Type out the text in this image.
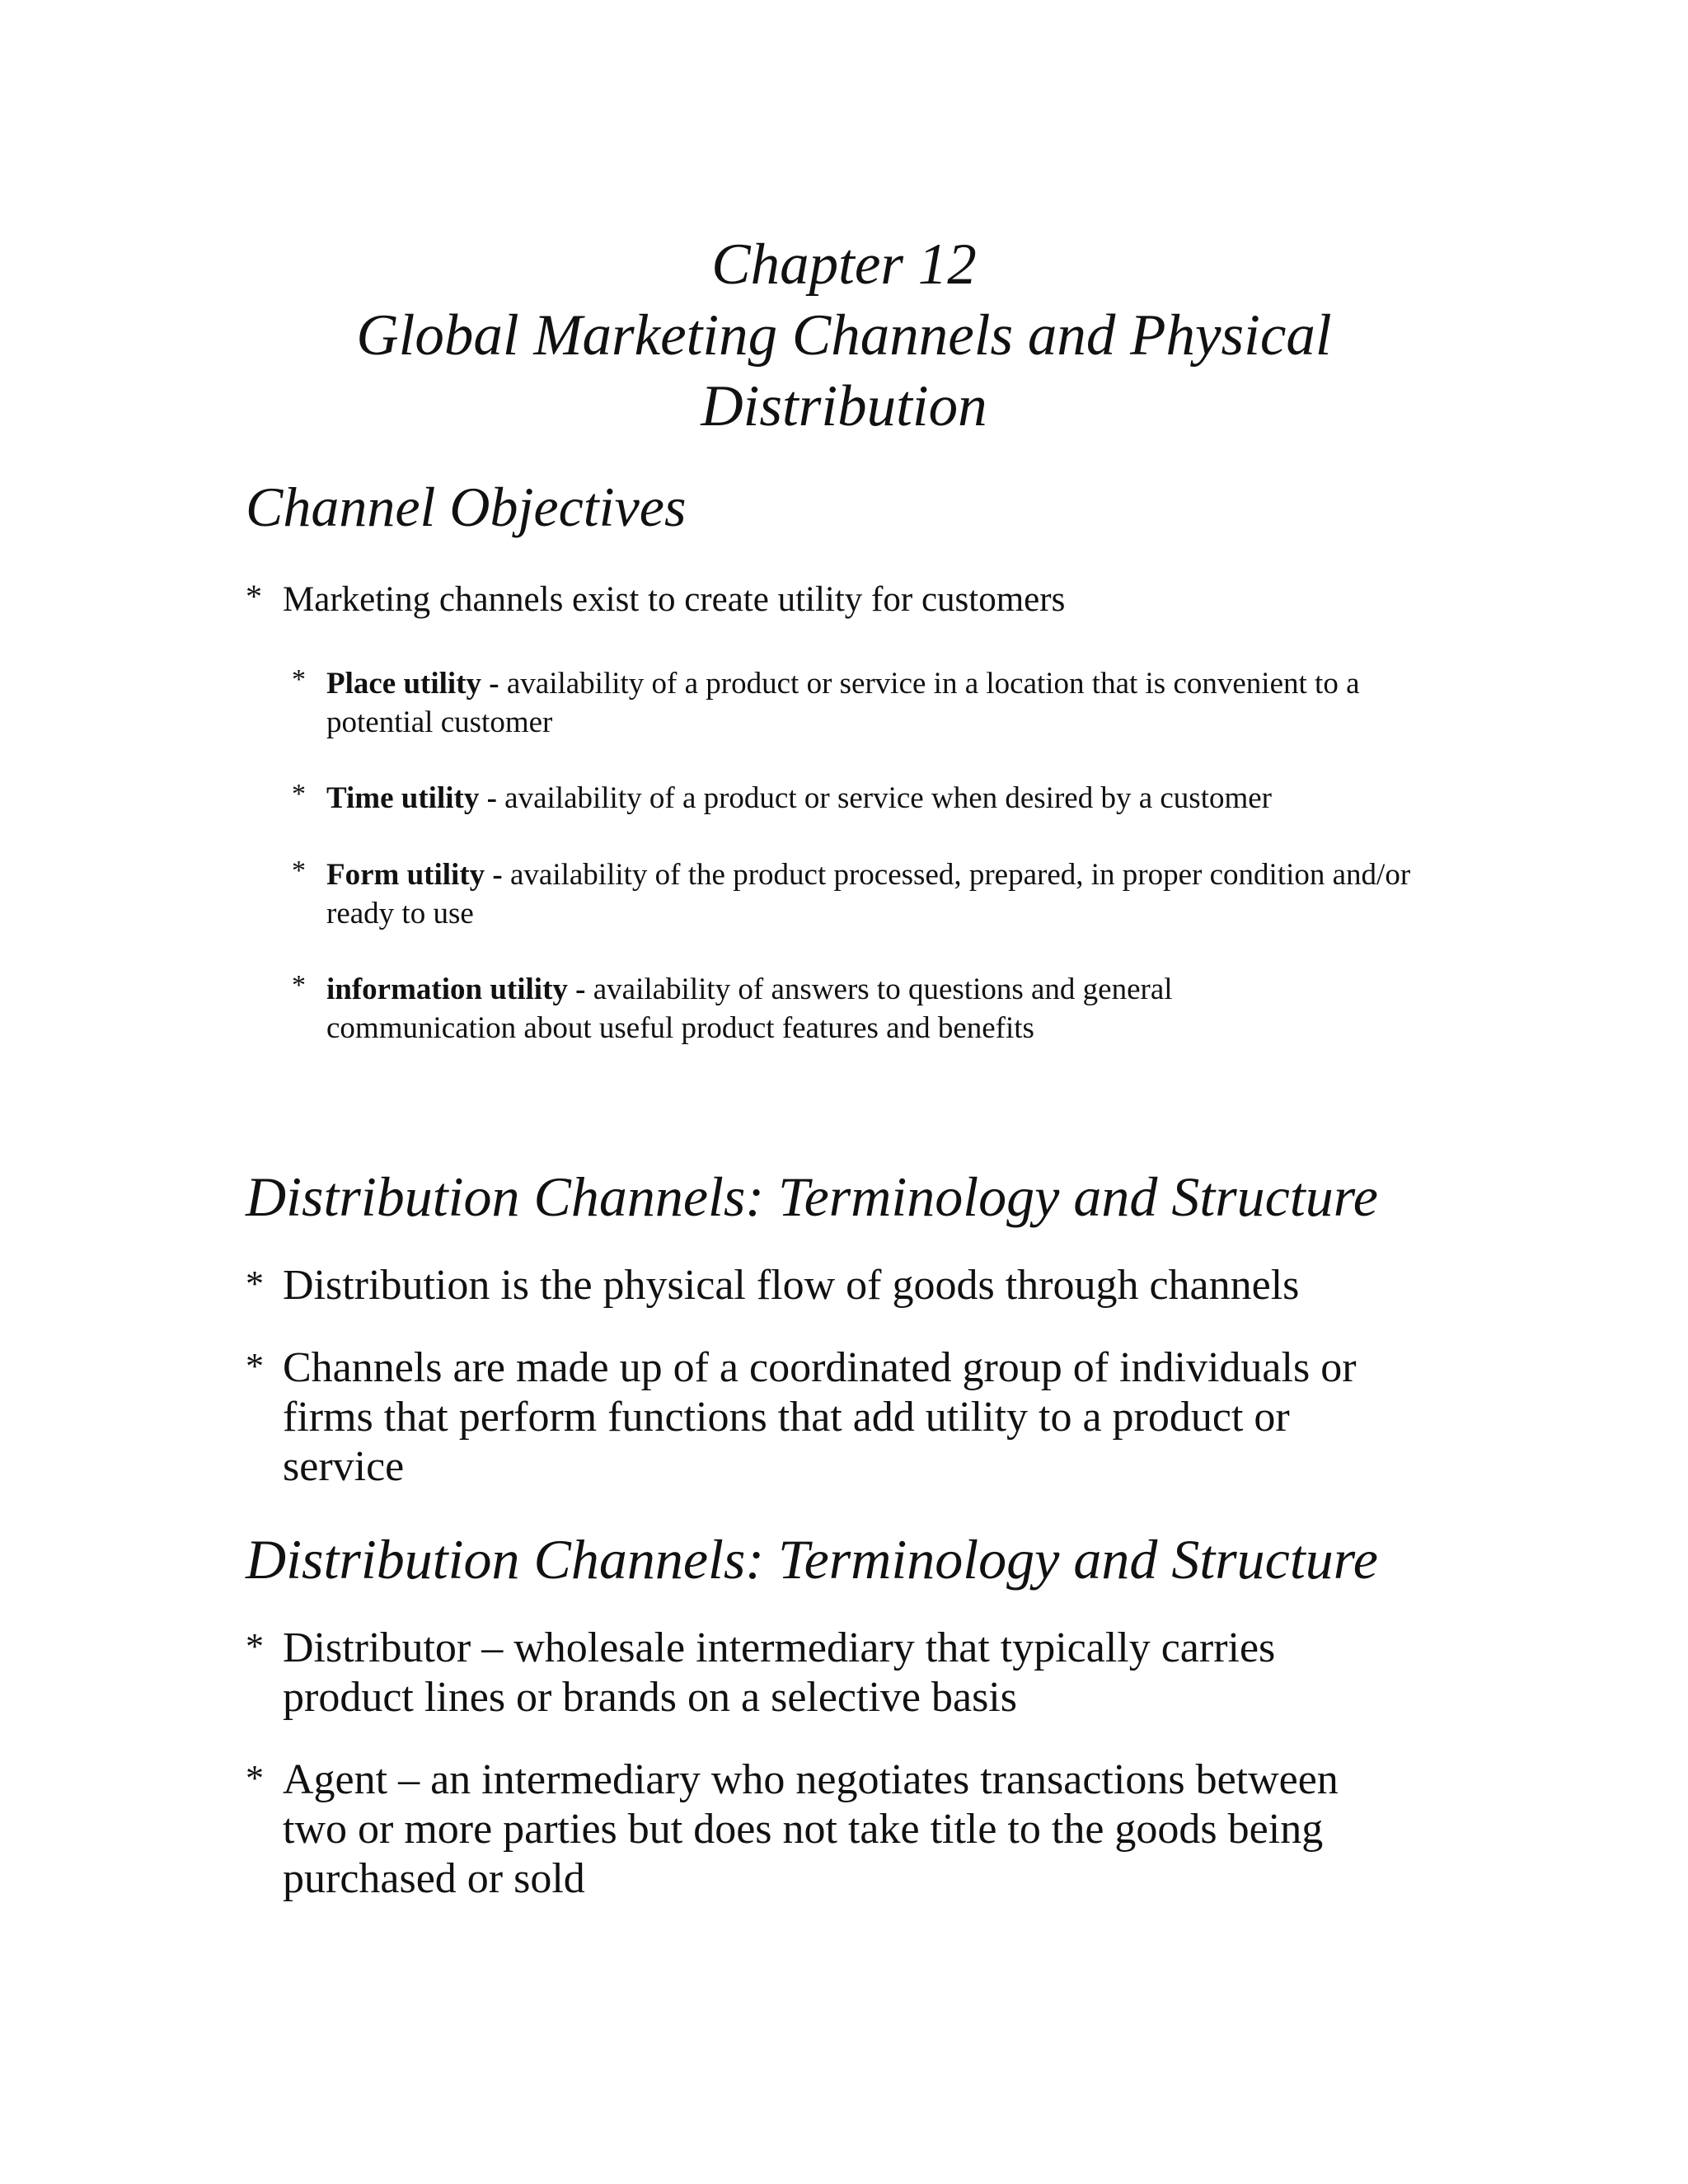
Chapter 12
Global Marketing Channels and Physical
Distribution
Channel Objectives
* Marketing channels exist to create utility for customers
* Place utility - availability of a product or service in a location that is convenient to a potential customer
* Time utility - availability of a product or service when desired by a customer
* Form utility - availability of the product processed, prepared, in proper condition and/or ready to use
* information utility - availability of answers to questions and general communication about useful product features and benefits
Distribution Channels: Terminology and Structure
* Distribution is the physical flow of goods through channels
* Channels are made up of a coordinated group of individuals or firms that perform functions that add utility to a product or service
Distribution Channels: Terminology and Structure
* Distributor – wholesale intermediary that typically carries product lines or brands on a selective basis
* Agent – an intermediary who negotiates transactions between two or more parties but does not take title to the goods being purchased or sold
